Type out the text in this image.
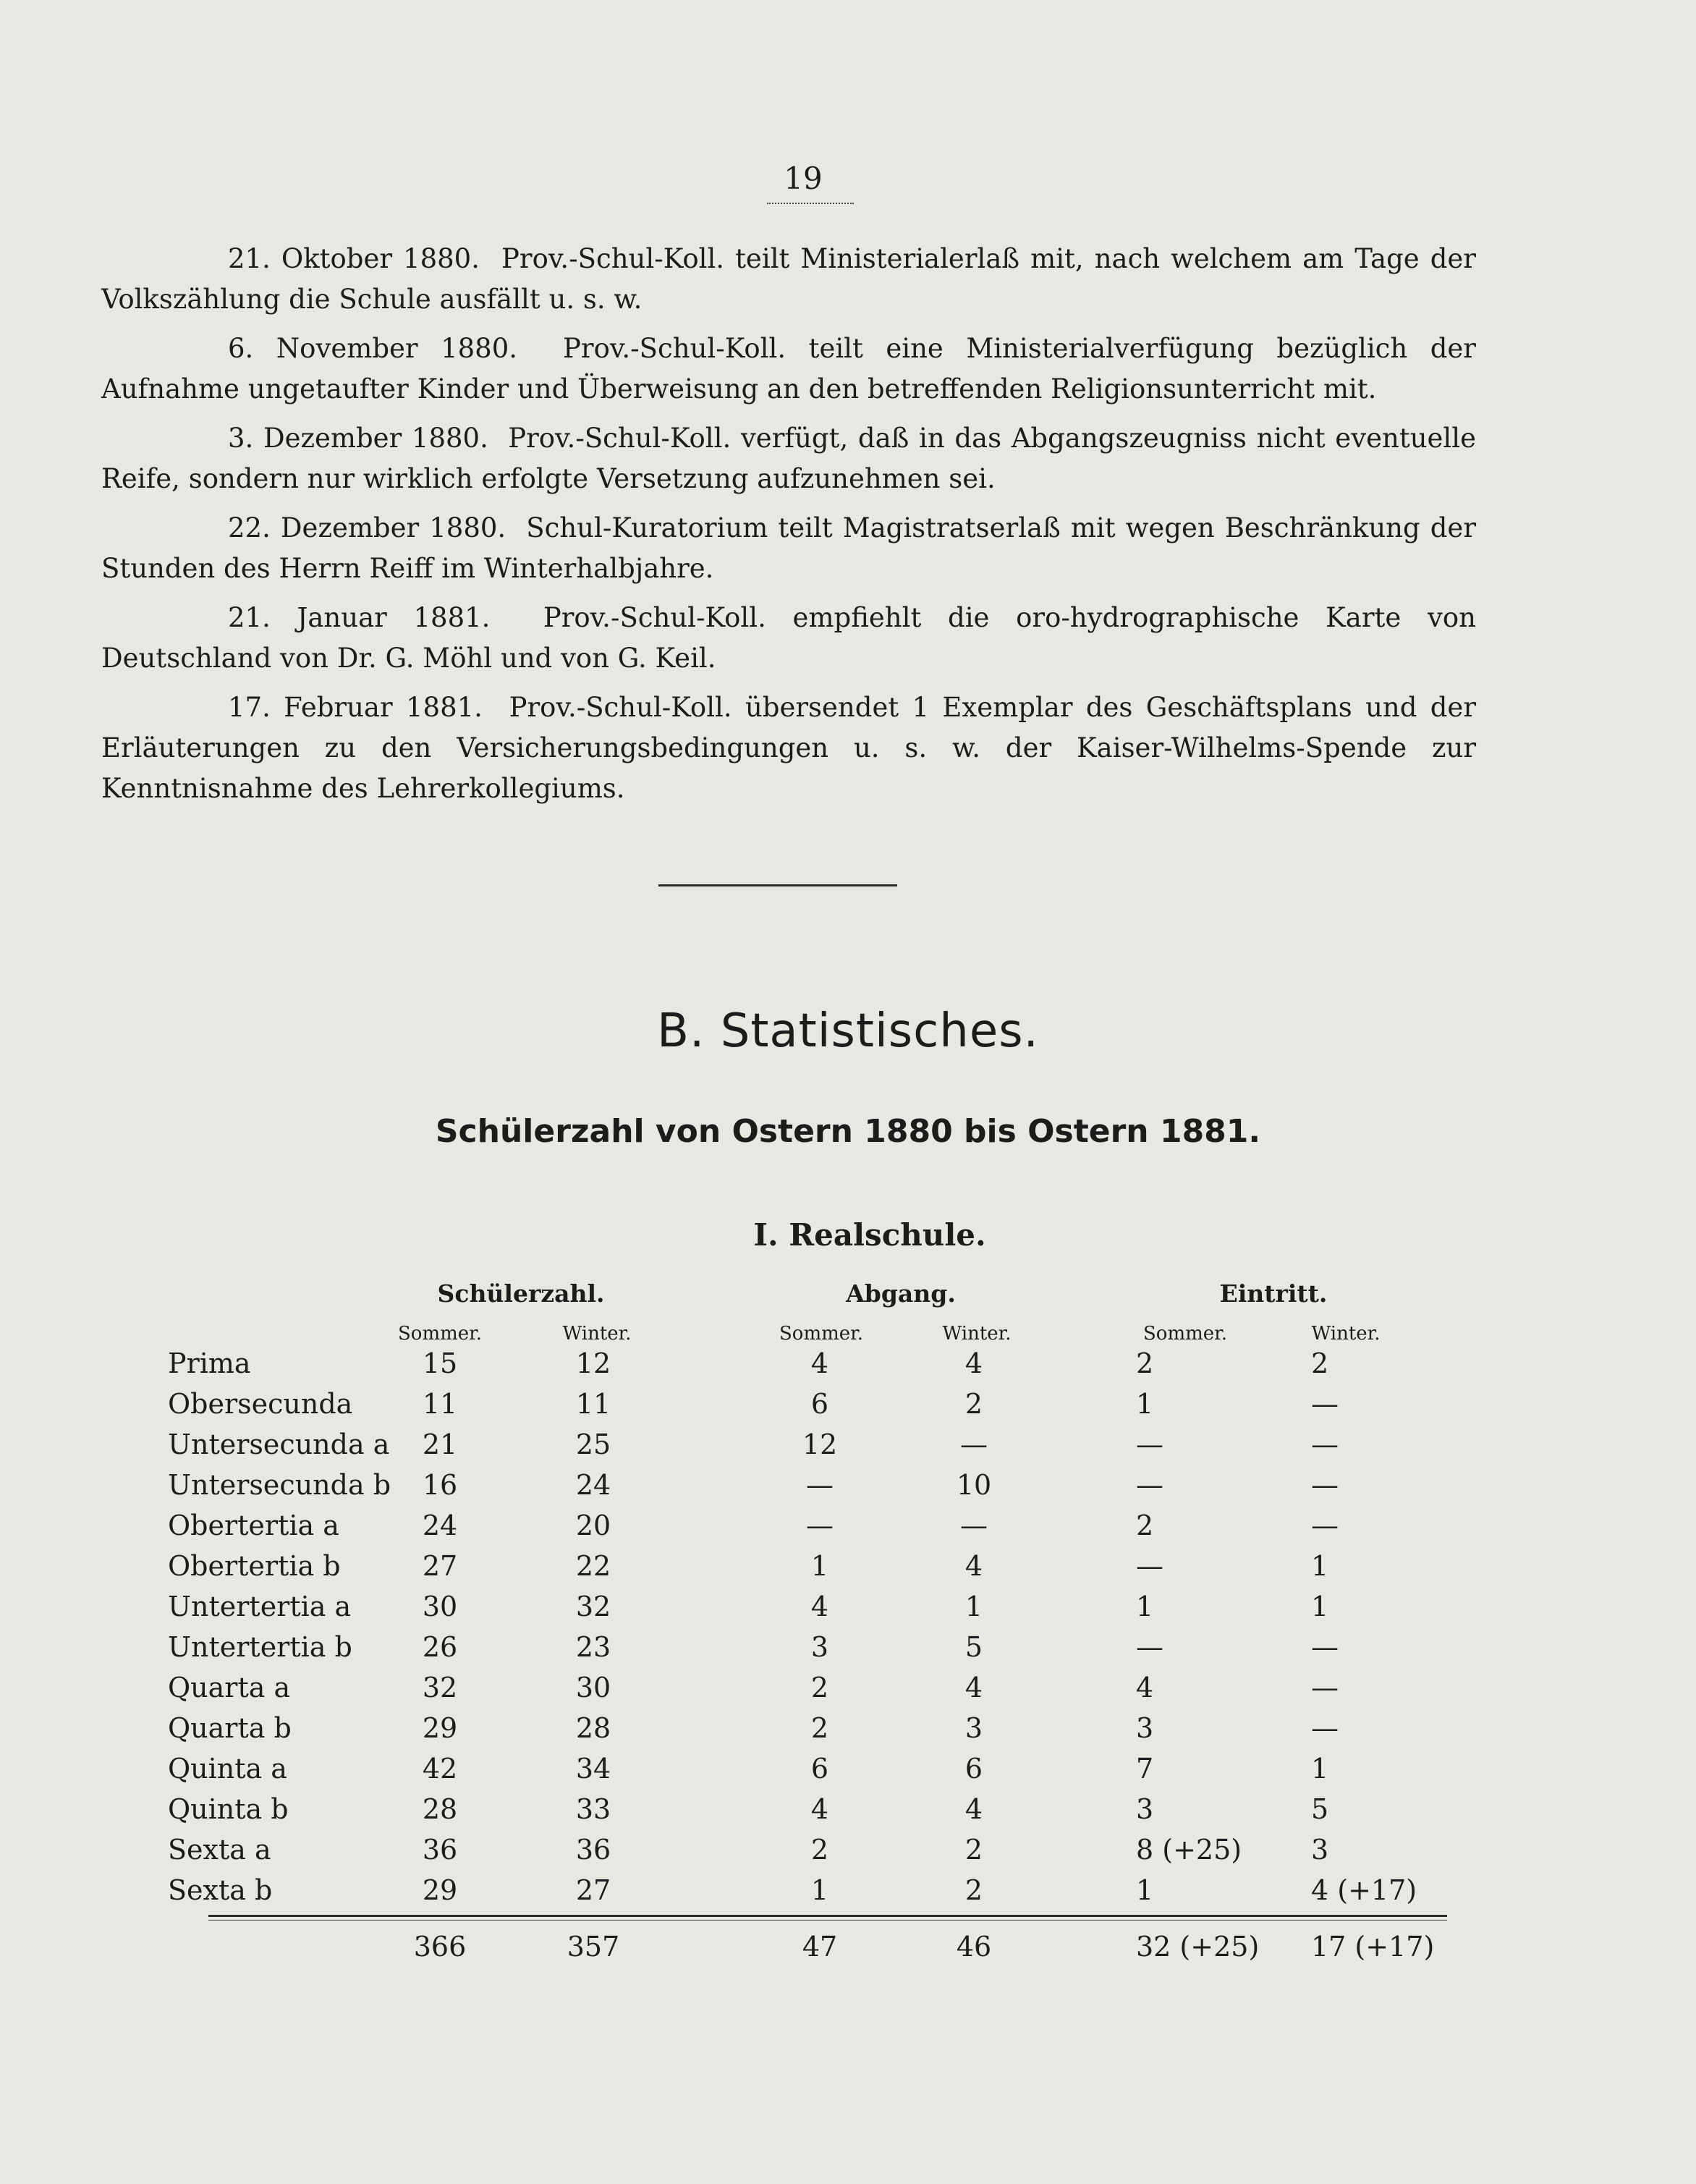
19

21. Oktober 1880. Prov.-Schul-Koll. teilt Ministerialerlaß mit, nach welchem am Tage der Volkszählung die Schule ausfällt u. s. w.

6. November 1880. Prov.-Schul-Koll. teilt eine Ministerialverfügung bezüglich der Aufnahme ungetaufter Kinder und Überweisung an den betreffenden Religionsunterricht mit.

3. Dezember 1880. Prov.-Schul-Koll. verfügt, daß in das Abgangszeugniss nicht eventuelle Reife, sondern nur wirklich erfolgte Versetzung aufzunehmen sei.

22. Dezember 1880. Schul-Kuratorium teilt Magistratserlaß mit wegen Beschränkung der Stunden des Herrn Reiff im Winterhalbjahre.

21. Januar 1881. Prov.-Schul-Koll. empfiehlt die oro-hydrographische Karte von Deutschland von Dr. G. Möhl und von G. Keil.

17. Februar 1881. Prov.-Schul-Koll. übersendet 1 Exemplar des Geschäftsplans und der Erläuterungen zu den Versicherungsbedingungen u. s. w. der Kaiser-Wilhelms-Spende zur Kenntnisnahme des Lehrerkollegiums.

B. Statistisches.
Schülerzahl von Ostern 1880 bis Ostern 1881.
I. Realschule.
Schülerzahl.	Abgang.	Eintritt.
Sommer.	Winter.	Sommer.	Winter.	Sommer.	Winter.
Prima	15	12	4	4	2	2
Obersecunda	11	11	6	2	1	—
Untersecunda a	21	25	12	—	—	—
Untersecunda b	16	24	—	10	—	—
Obertertia a	24	20	—	—	2	—
Obertertia b	27	22	1	4	—	1
Untertertia a	30	32	4	1	1	1
Untertertia b	26	23	3	5	—	—
Quarta a	32	30	2	4	4	—
Quarta b	29	28	2	3	3	—
Quinta a	42	34	6	6	7	1
Quinta b	28	33	4	4	3	5
Sexta a	36	36	2	2	8 (+25)	3
Sexta b	29	27	1	2	1	4 (+17)
366	357	47	46	32 (+25)	17 (+17)
